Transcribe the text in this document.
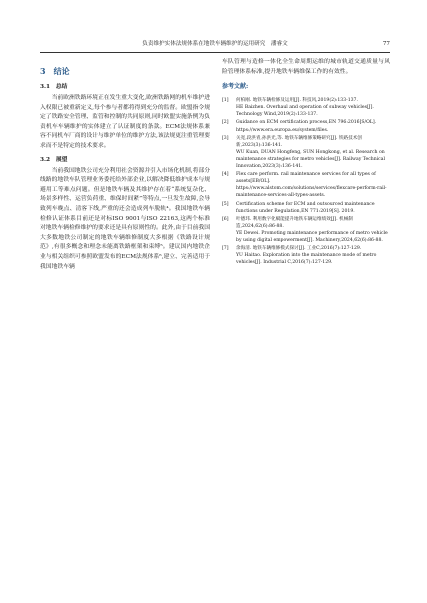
负责维护实体法规体系在地铁车辆维护的运用研究　潘睿文	77
3　结论
3.1　总结

当前欧洲铁路环境正在发生重大变化,欧洲铁路网的机车维护进入权限已被重新定义,每个参与者都将得到充分的监督。欧盟指令规定了铁路安全管理、监管和控制的共同原则,同时欧盟实施条例为负责机车车辆维护的实体建立了认证制度的条款。ECM法规体系兼容不同机车厂商的设计与维护单位的维护方法,该法规更注重管理要求而不是特定的技术要求。

3.2　展望

当前我国地铁公司充分利用社会资源并引入市场化机制,将部分线路的地铁车队管理业务委托给外部企业,以解决降低维护成本与规避用工等难点问题。但是地铁车辆及其维护存在着“系统复杂化、场景多样性、运营负荷重、维保时间紧”等特点,一旦发生故障,会导致列车晚点、清客下线,严重的还会造成列车脱轨⁴。我国地铁车辆检修认证体系目前还是对标ISO 9001与ISO 22163,这两个标准对地铁车辆检修维护的要求还是具有原则性的。此外,由于目前我国大多数地铁公司制定的地铁车辆维修制度大多根据《铁路设计规范》,有很多概念和理念未能离铁路框架和束缚⁵。建议国内地铁企业与相关组织可参照欧盟发布的ECM法规体系⁶,建立、完善适用于我国地铁车辆

车队管理与造修一体化全生命周期运维的城市轨道交通质量与风险管理体系标准,提升地铁车辆维保工作的有效性。

参考文献:
[1]	何柏刚. 地铁车辆检修及运用[J]. 科技风,2019(2):133-137.
HE Baizhen. Overhaul and operation of subway vehicles[J]. Technology Wind,2019(2):133-137.
[2]	Guidance on ECM certification process,EN 796:2016[S/OL]. https://www.era.europa.eu/system/files.
[3]	关宽,段洪青,孙洪光,等. 地铁车辆维修策略研究[J]. 铁路技术创新,2023(3):136-141.
WU Kuan, DUAN Hongfeng, SUN Hongkong, et al. Research on maintenance strategies for metro vehicles[J]. Railway Technical Innovation,2023(3):136-141.
[4]	Flex care perform. rail maintenance services for all types of assets[EB/OL]. https://www.alstom.com/solutions/services/flexcare-perform-rail-maintenance-services-all-types-assets.
[5]	Certification scheme for ECM and outsourced maintenance functions under Regulation,EN 771:2019[S]. 2019.
[6]	叶德玮. 利用数字化赋能提升地铁车辆运维绩效[J]. 机械制造,2024,62(6):86-88.
YE Dewei. Promoting maintenance performance of metro vehicle by using digital empowerment[J]. Machinery,2024,62(6):86-88.
[7]	余海清. 地铁车辆维修模式探讨[J]. 工业C,2016(7):127-129.
YU Haitao. Exploration into the maintenance mode of metro vehicles[J]. Industrial C,2016(7):127-129.
